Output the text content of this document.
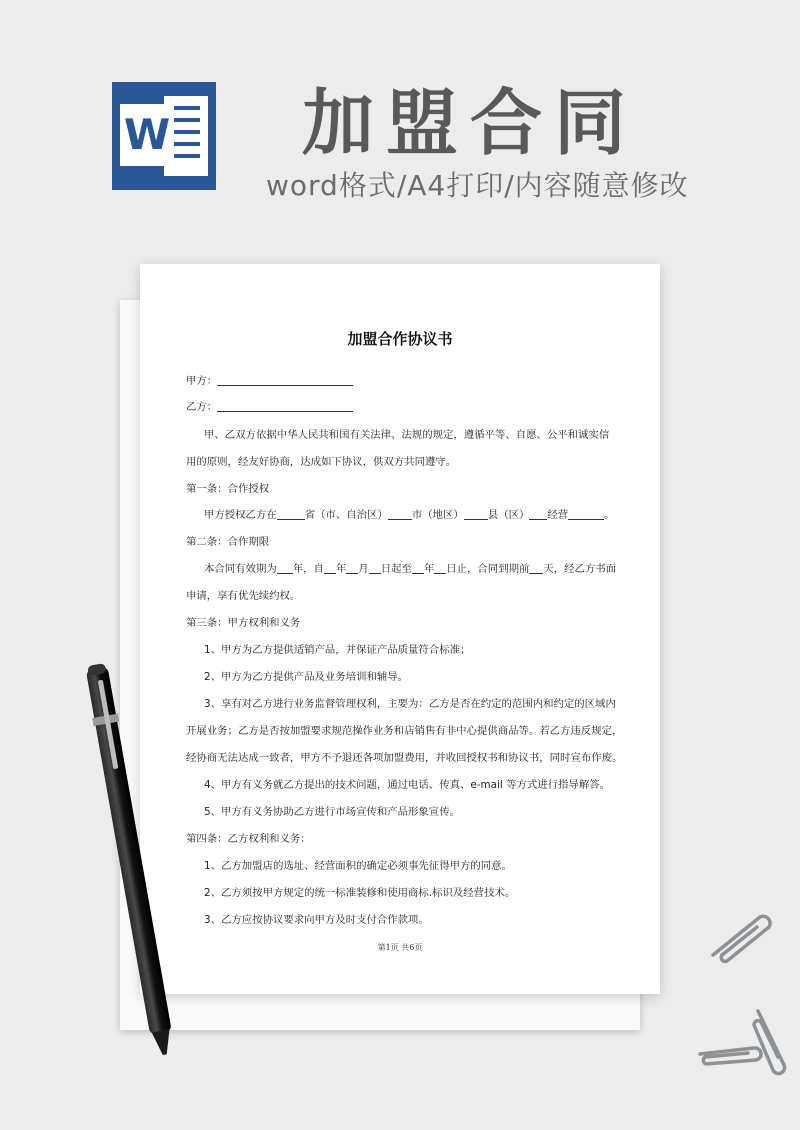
W 加盟合同
word格式/A4打印/内容随意修改
加盟合作协议书
甲方：
乙方：
甲、乙双方依据中华人民共和国有关法律、法规的规定，遵循平等、自愿、公平和诚实信
用的原则，经友好协商，达成如下协议，供双方共同遵守。
第一条：合作授权
甲方授权乙方在	省（市、自治区） 市（地区） 县（区） 经营	。
第二条：合作期限
本合同有效期为 年，自 年 月 日起至 年 日止，合同到期前 天，经乙方书面
申请，享有优先续约权。
第三条：甲方权利和义务
1、甲方为乙方提供适销产品，并保证产品质量符合标准；
2、甲方为乙方提供产品及业务培训和辅导。
3、享有对乙方进行业务监督管理权利，主要为：乙方是否在约定的范围内和约定的区域内
开展业务；乙方是否按加盟要求规范操作业务和店销售有非中心提供商品等。若乙方违反规定，
经协商无法达成一致者，甲方不予退还各项加盟费用，并收回授权书和协议书，同时宣布作废。
4、甲方有义务就乙方提出的技术问题，通过电话、传真、e-mail 等方式进行指导解答。
5、甲方有义务协助乙方进行市场宣传和产品形象宣传。
第四条：乙方权利和义务：
1、乙方加盟店的选址、经营面积的确定必须事先征得甲方的同意。
2、乙方须按甲方规定的统一标准装修和使用商标.标识及经营技术。
3、乙方应按协议要求向甲方及时支付合作款项。
第1页 共6页
